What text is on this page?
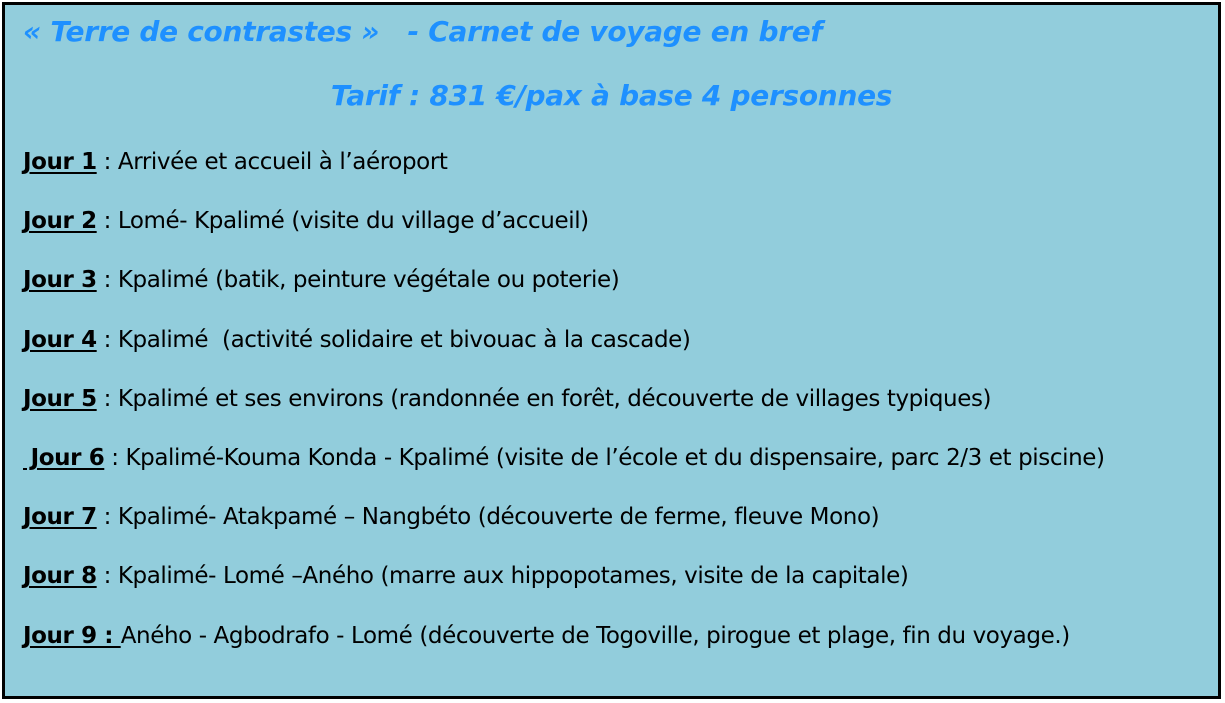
« Terre de contrastes »   - Carnet de voyage en bref
Tarif : 831 €/pax à base 4 personnes
Jour 1 : Arrivée et accueil à l’aéroport
Jour 2 : Lomé- Kpalimé (visite du village d’accueil)
Jour 3 : Kpalimé (batik, peinture végétale ou poterie)
Jour 4 : Kpalimé  (activité solidaire et bivouac à la cascade)
Jour 5 : Kpalimé et ses environs (randonnée en forêt, découverte de villages typiques)
Jour 6 : Kpalimé-Kouma Konda - Kpalimé (visite de l’école et du dispensaire, parc 2/3 et piscine)
Jour 7 : Kpalimé- Atakpamé – Nangbéto (découverte de ferme, fleuve Mono)
Jour 8 : Kpalimé- Lomé –Aného (marre aux hippopotames, visite de la capitale)
Jour 9 : Aného - Agbodrafo - Lomé (découverte de Togoville, pirogue et plage, fin du voyage.)
